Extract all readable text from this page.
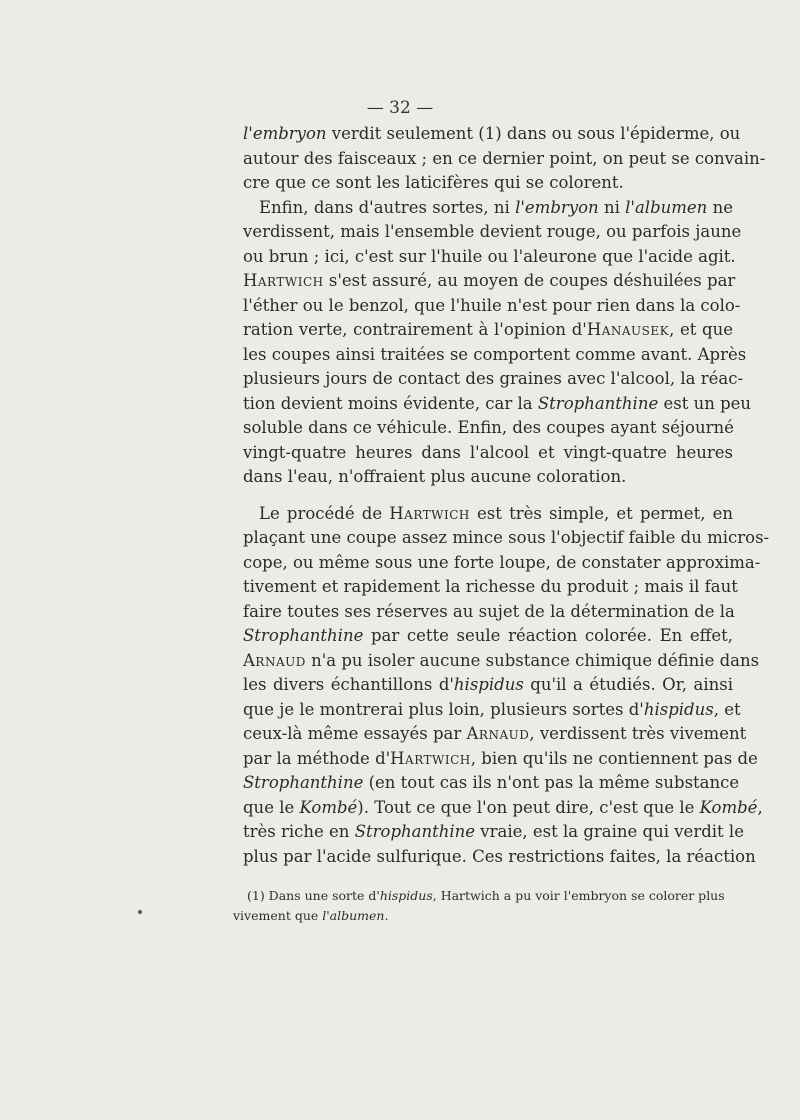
— 32 —

l'embryon verdit seulement (1) dans ou sous l'épiderme, ou
autour des faisceaux ; en ce dernier point, on peut se convain-
cre que ce sont les laticifères qui se colorent.

Enfin, dans d'autres sortes, ni l'embryon ni l'albumen ne
verdissent, mais l'ensemble devient rouge, ou parfois jaune
ou brun ; ici, c'est sur l'huile ou l'aleurone que l'acide agit.
Hartwich s'est assuré, au moyen de coupes déshuilées par
l'éther ou le benzol, que l'huile n'est pour rien dans la colo-
ration verte, contrairement à l'opinion d'Hanausek, et que
les coupes ainsi traitées se comportent comme avant. Après
plusieurs jours de contact des graines avec l'alcool, la réac-
tion devient moins évidente, car la Strophanthine est un peu
soluble dans ce véhicule. Enfin, des coupes ayant séjourné
vingt-quatre heures dans l'alcool et vingt-quatre heures
dans l'eau, n'offraient plus aucune coloration.

Le procédé de Hartwich est très simple, et permet, en
plaçant une coupe assez mince sous l'objectif faible du micros-
cope, ou même sous une forte loupe, de constater approxima-
tivement et rapidement la richesse du produit ; mais il faut
faire toutes ses réserves au sujet de la détermination de la
Strophanthine par cette seule réaction colorée. En effet,
Arnaud n'a pu isoler aucune substance chimique définie dans
les divers échantillons d'hispidus qu'il a étudiés. Or, ainsi
que je le montrerai plus loin, plusieurs sortes d'hispidus, et
ceux-là même essayés par Arnaud, verdissent très vivement
par la méthode d'Hartwich, bien qu'ils ne contiennent pas de
Strophanthine (en tout cas ils n'ont pas la même substance
que le Kombé). Tout ce que l'on peut dire, c'est que le Kombé,
très riche en Strophanthine vraie, est la graine qui verdit le
plus par l'acide sulfurique. Ces restrictions faites, la réaction

(1) Dans une sorte d'hispidus, Hartwich a pu voir l'embryon se colorer plus
vivement que l'albumen.
